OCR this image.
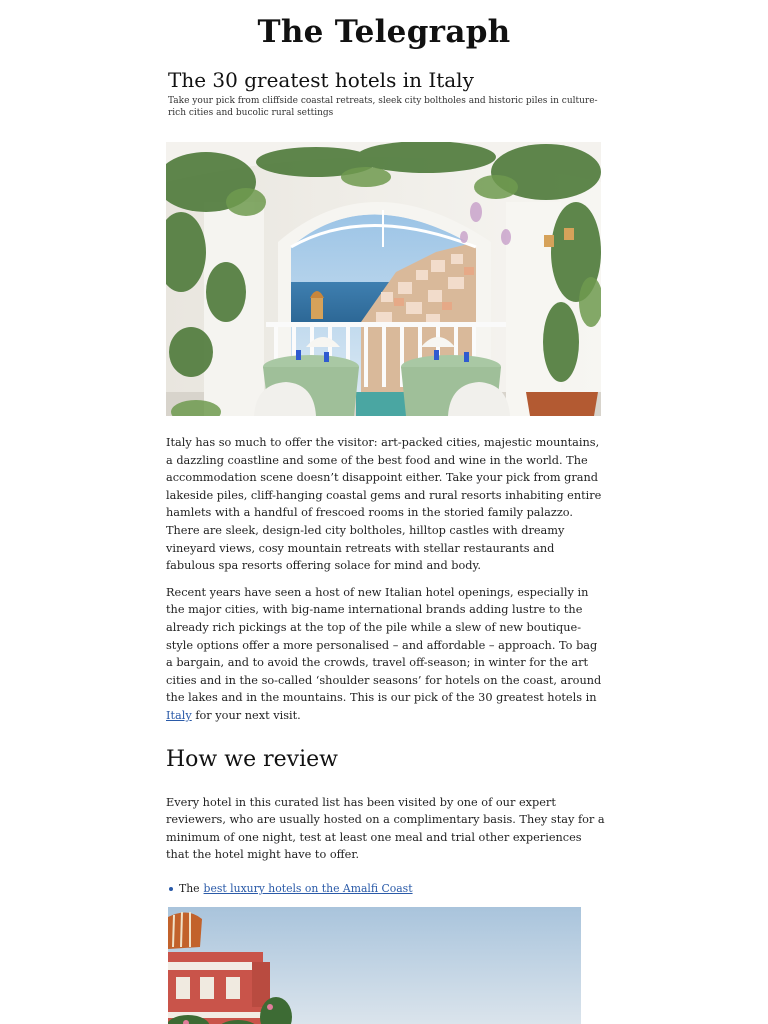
The Telegraph
The 30 greatest hotels in Italy

Take your pick from cliffside coastal retreats, sleek city boltholes and historic piles in culture-rich cities and bucolic rural settings

Italy has so much to offer the visitor: art-packed cities, majestic mountains, a dazzling coastline and some of the best food and wine in the world. The accommodation scene doesn’t disappoint either. Take your pick from grand lakeside piles, cliff-hanging coastal gems and rural resorts inhabiting entire hamlets with a handful of frescoed rooms in the storied family palazzo. There are sleek, design-led city boltholes, hilltop castles with dreamy vineyard views, cosy mountain retreats with stellar restaurants and fabulous spa resorts offering solace for mind and body.

Recent years have seen a host of new Italian hotel openings, especially in the major cities, with big-name international brands adding lustre to the already rich pickings at the top of the pile while a slew of new boutique-style options offer a more personalised – and affordable – approach. To bag a bargain, and to avoid the crowds, travel off-season; in winter for the art cities and in the so-called ‘shoulder seasons’ for hotels on the coast, around the lakes and in the mountains. This is our pick of the 30 greatest hotels in Italy for your next visit.

How we review

Every hotel in this curated list has been visited by one of our expert reviewers, who are usually hosted on a complimentary basis. They stay for a minimum of one night, test at least one meal and trial other experiences that the hotel might have to offer.

The best luxury hotels on the Amalfi Coast
